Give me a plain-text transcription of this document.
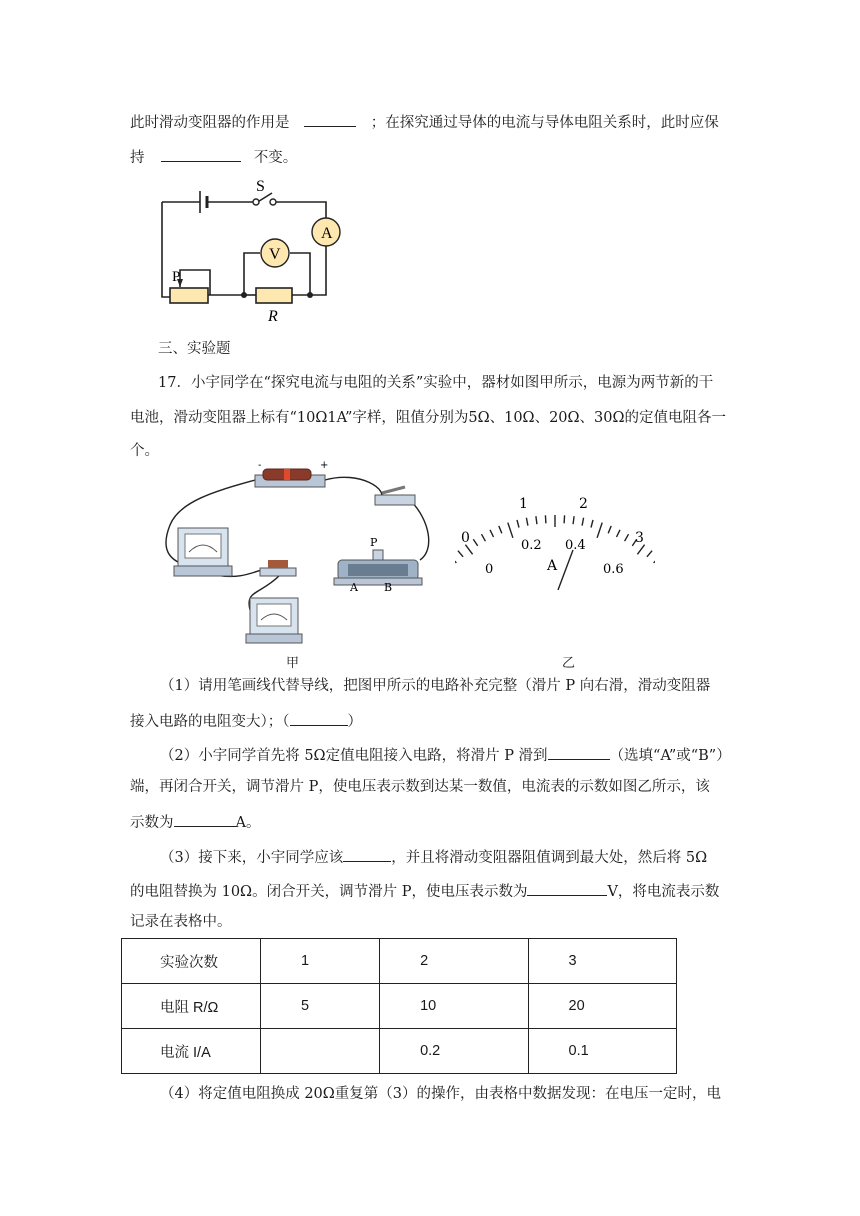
此时滑动变阻器的作用是	；在探究通过导体的电流与导体电阻关系时，此时应保
持	不变。
S
A
V
P
R
三、实验题
17．小宇同学在“探究电流与电阻的关系”实验中，器材如图甲所示，电源为两节新的干
电池，滑动变阻器上标有“10Ω1A”字样，阻值分别为5Ω、10Ω、20Ω、30Ω的定值电阻各一
个。
-	+
P
A B
甲
0
1	2
3
0
0.2 0.4
0.6
A
乙
（1）请用笔画线代替导线，把图甲所示的电路补充完整（滑片 P 向右滑，滑动变阻器
接入电路的电阻变大）；（	）
（2）小宇同学首先将 5Ω定值电阻接入电路，将滑片 P 滑到	（选填“A”或“B”）
端，再闭合开关，调节滑片 P，使电压表示数到达某一数值，电流表的示数如图乙所示，该
示数为	A。
（3）接下来，小宇同学应该	，并且将滑动变阻器阻值调到最大处，然后将 5Ω
的电阻替换为 10Ω。闭合开关，调节滑片 P，使电压表示数为	V，将电流表示数
记录在表格中。
实验次数	1	2	3
电阻 R/Ω	5	10	20
电流 I/A		0.2	0.1
（4）将定值电阻换成 20Ω重复第（3）的操作，由表格中数据发现：在电压一定时，电
